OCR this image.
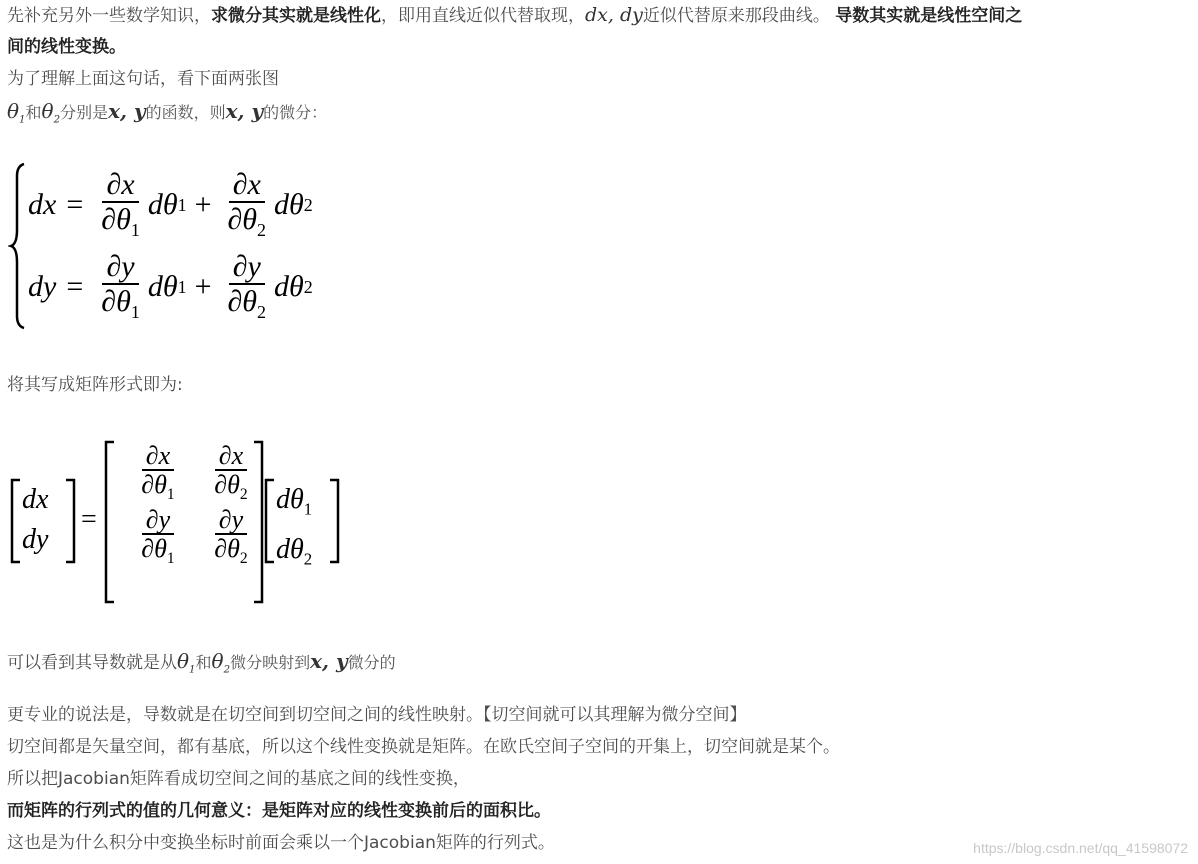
先补充另外一些数学知识，求微分其实就是线性化，即用直线近似代替取现，dx, dy近似代替原来那段曲线。 导数其实就是线性空间之
间的线性变换。
为了理解上面这句话，看下面两张图
$\theta_1$和$\theta_2$分别是x, y的函数，则x, y的微分：
dx = $\frac{\partial x}{\partial\theta_1}$ dθ $1 + \frac{\partial x}{\partial\theta_2}$ dθ 2
dy = $\frac{\partial y}{\partial\theta_1}$ dθ $1 + \frac{\partial y}{\partial\theta_2}$ dθ 2
将其写成矩阵形式即为:
dx
dy
=
$\frac{\partial x}{\partial\theta_1} \frac{\partial x}{\partial\theta_2}$
$\frac{\partial y}{\partial\theta_1} \frac{\partial y}{\partial\theta_2}$
$d\theta_1$
$d\theta_2$
可以看到其导数就是从$\theta_1$和$\theta_2$微分映射到x, y微分的
更专业的说法是，导数就是在切空间到切空间之间的线性映射。【切空间就可以其理解为微分空间】
切空间都是矢量空间，都有基底，所以这个线性变换就是矩阵。在欧氏空间子空间的开集上，切空间就是某个。
所以把Jacobian矩阵看成切空间之间的基底之间的线性变换，
而矩阵的行列式的值的几何意义：是矩阵对应的线性变换前后的面积比。
这也是为什么积分中变换坐标时前面会乘以一个Jacobian矩阵的行列式。	https://blog.csdn.net/qq_41598072
